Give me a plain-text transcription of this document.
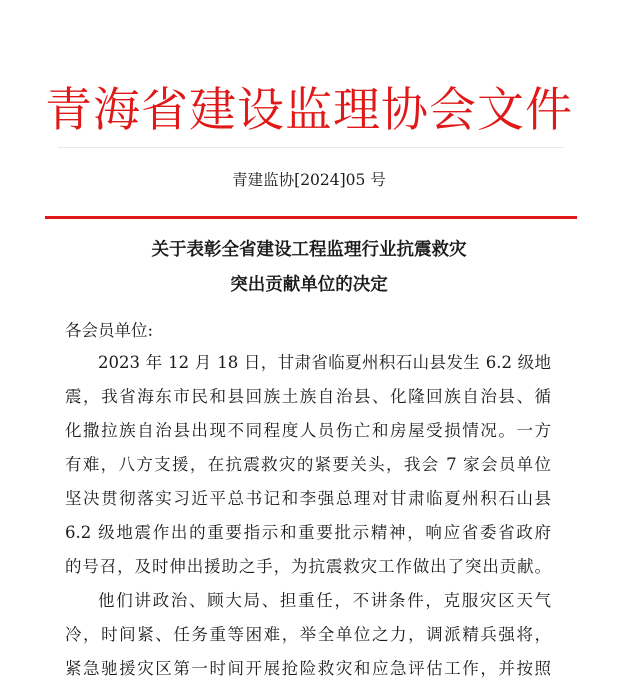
青海省建设监理协会文件
青建监协[2024]05 号
关于表彰全省建设工程监理行业抗震救灾
突出贡献单位的决定
各会员单位:
2023 年 12 月 18 日，甘肃省临夏州积石山县发生 6.2 级地
震，我省海东市民和县回族土族自治县、化隆回族自治县、循
化撒拉族自治县出现不同程度人员伤亡和房屋受损情况。一方
有难，八方支援，在抗震救灾的紧要关头，我会 7 家会员单位
坚决贯彻落实习近平总书记和李强总理对甘肃临夏州积石山县
6.2 级地震作出的重要指示和重要批示精神，响应省委省政府
的号召，及时伸出援助之手，为抗震救灾工作做出了突出贡献。
他们讲政治、顾大局、担重任，不讲条件，克服灾区天气
冷，时间紧、任务重等困难，举全单位之力，调派精兵强将，
紧急驰援灾区第一时间开展抢险救灾和应急评估工作，并按照
